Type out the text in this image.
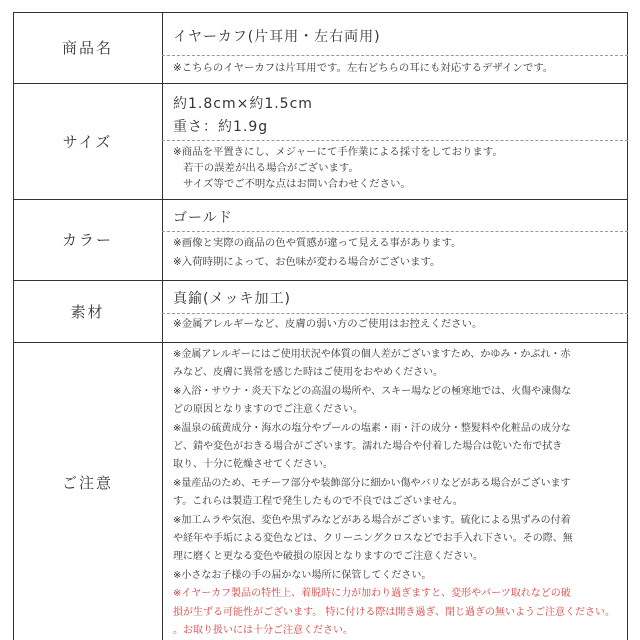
商品名
イヤーカフ(片耳用・左右両用)
※こちらのイヤーカフは片耳用です。左右どちらの耳にも対応するデザインです。
サイズ
約1.8cm×約1.5cm
重さ：約1.9g
※商品を平置きにし、メジャーにて手作業による採寸をしております。
若干の誤差が出る場合がございます。
サイズ等でご不明な点はお問い合わせください。
カラー
ゴールド
※画像と実際の商品の色や質感が違って見える事があります。
※入荷時期によって、お色味が変わる場合がございます。
素材
真鍮(メッキ加工)
※金属アレルギーなど、皮膚の弱い方のご使用はお控えください。
ご注意
※金属アレルギーにはご使用状況や体質の個人差がございますため、かゆみ・かぶれ・赤
みなど、皮膚に異常を感じた時はご使用をおやめください。
※入浴・サウナ・炎天下などの高温の場所や、スキー場などの極寒地では、火傷や凍傷な
どの原因となりますのでご注意ください。
※温泉の硫黄成分・海水の塩分やプールの塩素・雨・汗の成分・整髪料や化粧品の成分な
ど、錆や変色がおきる場合がございます。濡れた場合や付着した場合は乾いた布で拭き
取り、十分に乾燥させてください。
※量産品のため、モチーフ部分や装飾部分に細かい傷やバリなどがある場合がございます
す。これらは製造工程で発生したもので不良ではございません。
※加工ムラや気泡、変色や黒ずみなどがある場合がございます。硫化による黒ずみの付着
や経年や手垢による変色などは、クリーニングクロスなどでお手入れ下さい。その際、無
理に磨くと更なる変色や破損の原因となりますのでご注意ください。
※小さなお子様の手の届かない場所に保管してください。
※イヤーカフ製品の特性上、着脱時に力が加わり過ぎますと、変形やパーツ取れなどの破
損が生ずる可能性がございます。 特に付ける際は開き過ぎ、閉じ過ぎの無いようご注意ください。
。お取り扱いには十分ご注意ください。
